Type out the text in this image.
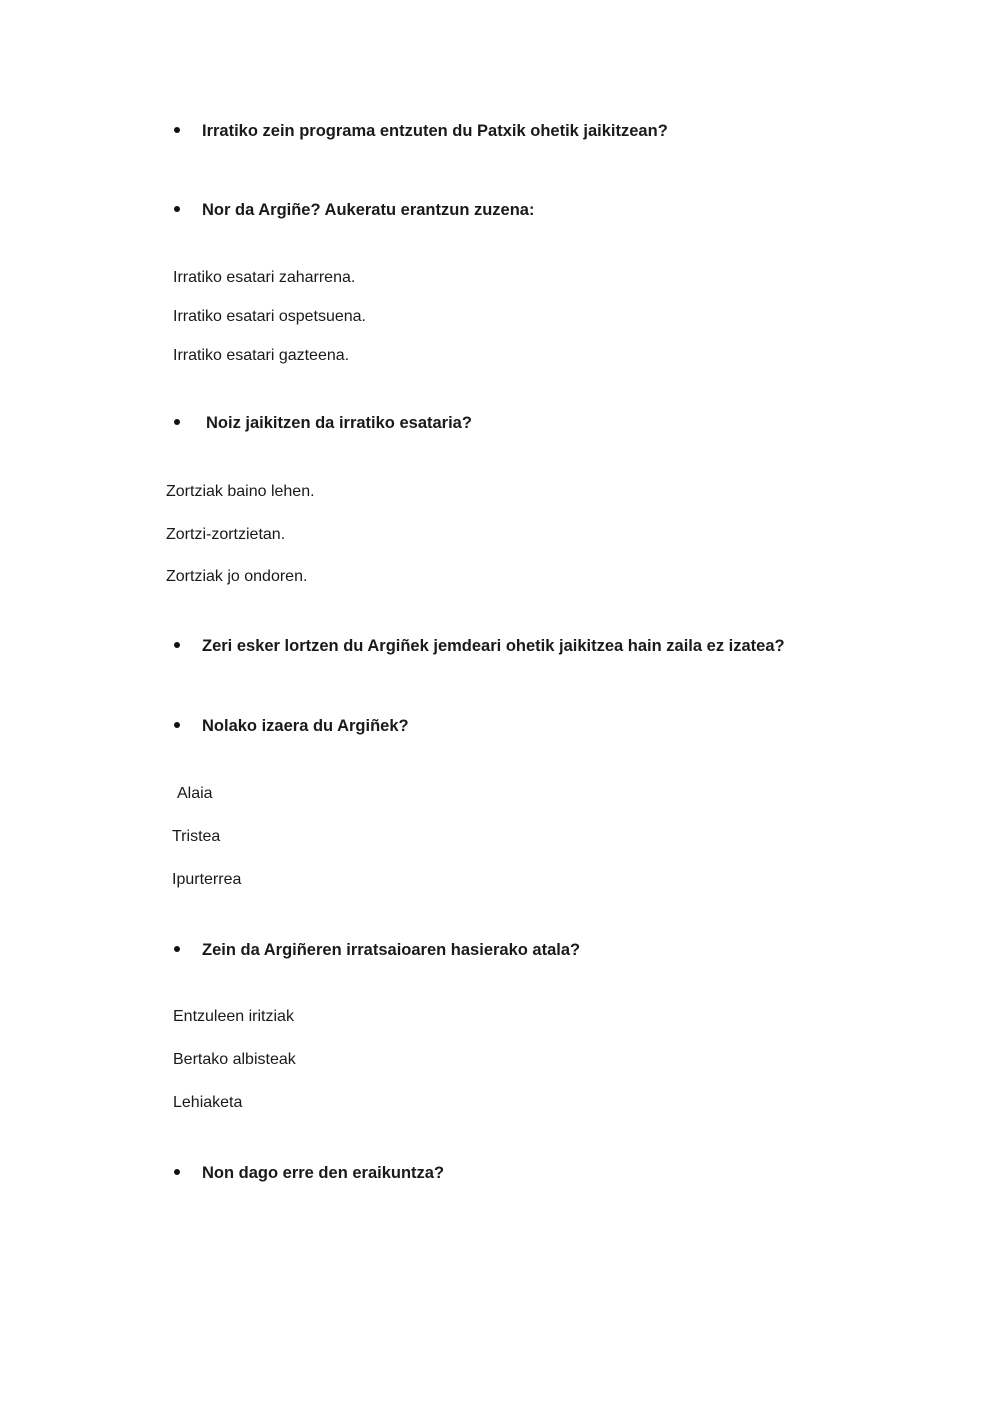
Irratiko zein programa entzuten du Patxik ohetik jaikitzean?
Nor da Argiñe? Aukeratu erantzun zuzena:
Irratiko esatari zaharrena.
Irratiko esatari ospetsuena.
Irratiko esatari gazteena.
Noiz jaikitzen da irratiko esataria?
Zortziak baino lehen.
Zortzi-zortzietan.
Zortziak jo ondoren.
Zeri esker lortzen du Argiñek jemdeari ohetik jaikitzea hain zaila ez izatea?
Nolako izaera du Argiñek?
Alaia
Tristea
Ipurterrea
Zein da Argiñeren irratsaioaren hasierako atala?
Entzuleen iritziak
Bertako albisteak
Lehiaketa
Non dago erre den eraikuntza?
